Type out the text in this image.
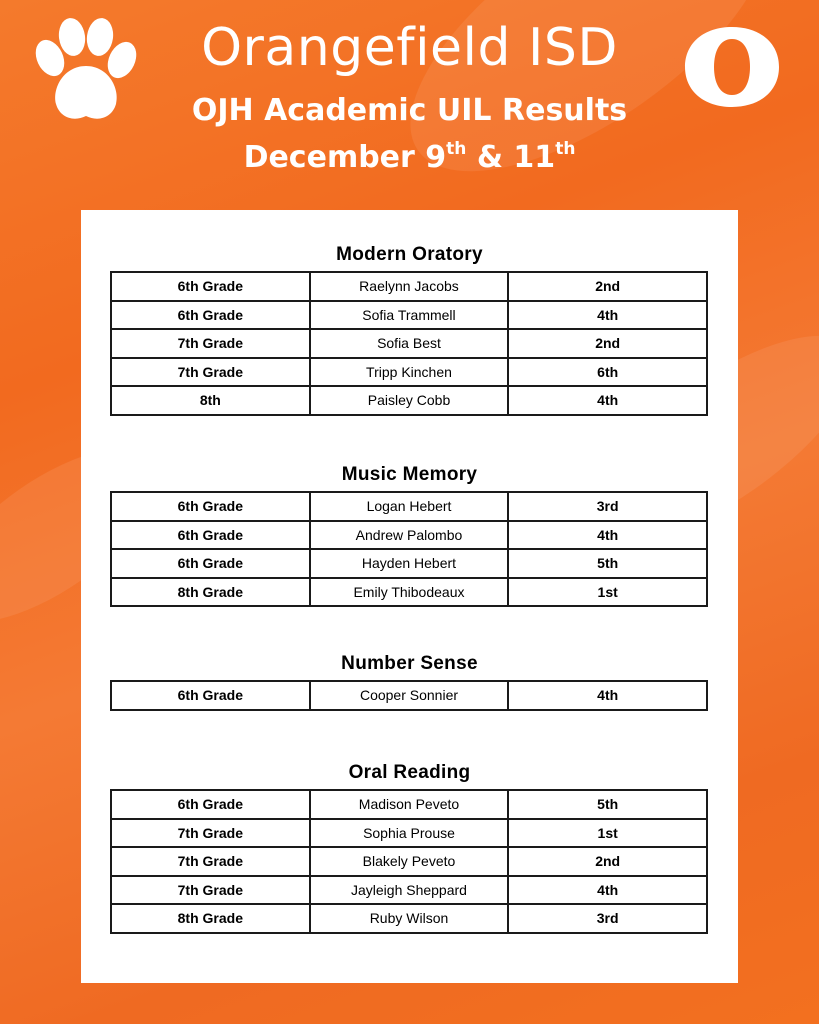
Orangefield ISD
OJH Academic UIL Results
December 9th & 11th
Modern Oratory
6th Grade	Raelynn Jacobs	2nd
6th Grade	Sofia Trammell	4th
7th Grade	Sofia Best	2nd
7th Grade	Tripp Kinchen	6th
8th	Paisley Cobb	4th
Music Memory
6th Grade	Logan Hebert	3rd
6th Grade	Andrew Palombo	4th
6th Grade	Hayden Hebert	5th
8th Grade	Emily Thibodeaux	1st
Number Sense
6th Grade	Cooper Sonnier	4th
Oral Reading
6th Grade	Madison Peveto	5th
7th Grade	Sophia Prouse	1st
7th Grade	Blakely Peveto	2nd
7th Grade	Jayleigh Sheppard	4th
8th Grade	Ruby Wilson	3rd
